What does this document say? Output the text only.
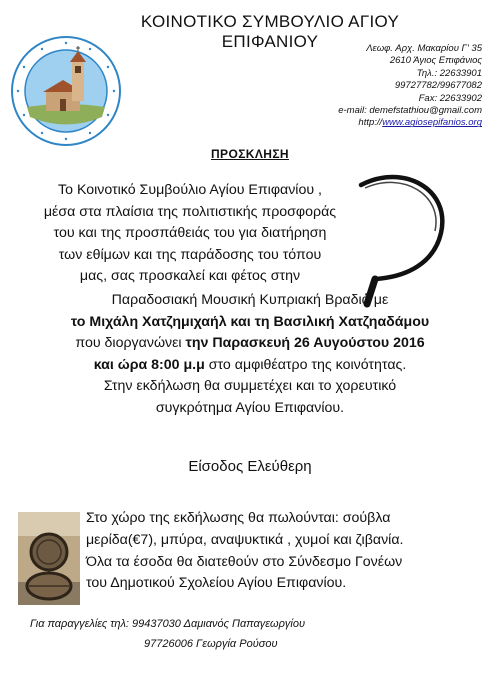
ΚΟΙΝΟΤΙΚΟ ΣΥΜΒΟΥΛΙΟ ΑΓΙΟΥ ΕΠΙΦΑΝΙΟΥ	Λεωφ. Αρχ. Μακαρίου Γ' 35
2610 Άγιος Επιφάνιος
Τηλ.: 22633901
99727782/99677082
Fax: 22633902
e-mail: demefstathiou@gmail.com
http://www.agiosepifanios.org
ΠΡΟΣΚΛΗΣΗ
Το Κοινοτικό Συμβούλιο Αγίου Επιφανίου ,
μέσα στα πλαίσια της πολιτιστικής προσφοράς
του και της προσπάθειάς του για διατήρηση
των εθίμων και της παράδοσης του τόπου
μας, σας προσκαλεί και φέτος στην
Παραδοσιακή Μουσική Κυπριακή Βραδιά με
το Μιχάλη Χατζημιχαήλ και τη Βασιλική Χατζηαδάμου
που διοργανώνει την Παρασκευή 26 Αυγούστου 2016
και ώρα 8:00 μ.μ στο αμφιθέατρο της κοινότητας.
Στην εκδήλωση θα συμμετέχει και το χορευτικό
συγκρότημα Αγίου Επιφανίου.
Είσοδος Ελεύθερη
Στο χώρο της εκδήλωσης θα πωλούνται: σούβλα
μερίδα(€7), μπύρα, αναψυκτικά , χυμοί και ζιβανία.
Όλα τα έσοδα θα διατεθούν στο Σύνδεσμο Γονέων
του Δημοτικού Σχολείου Αγίου Επιφανίου.
Για παραγγελίες τηλ: 99437030 Δαμιανός Παπαγεωργίου
97726006 Γεωργία Ρούσου
